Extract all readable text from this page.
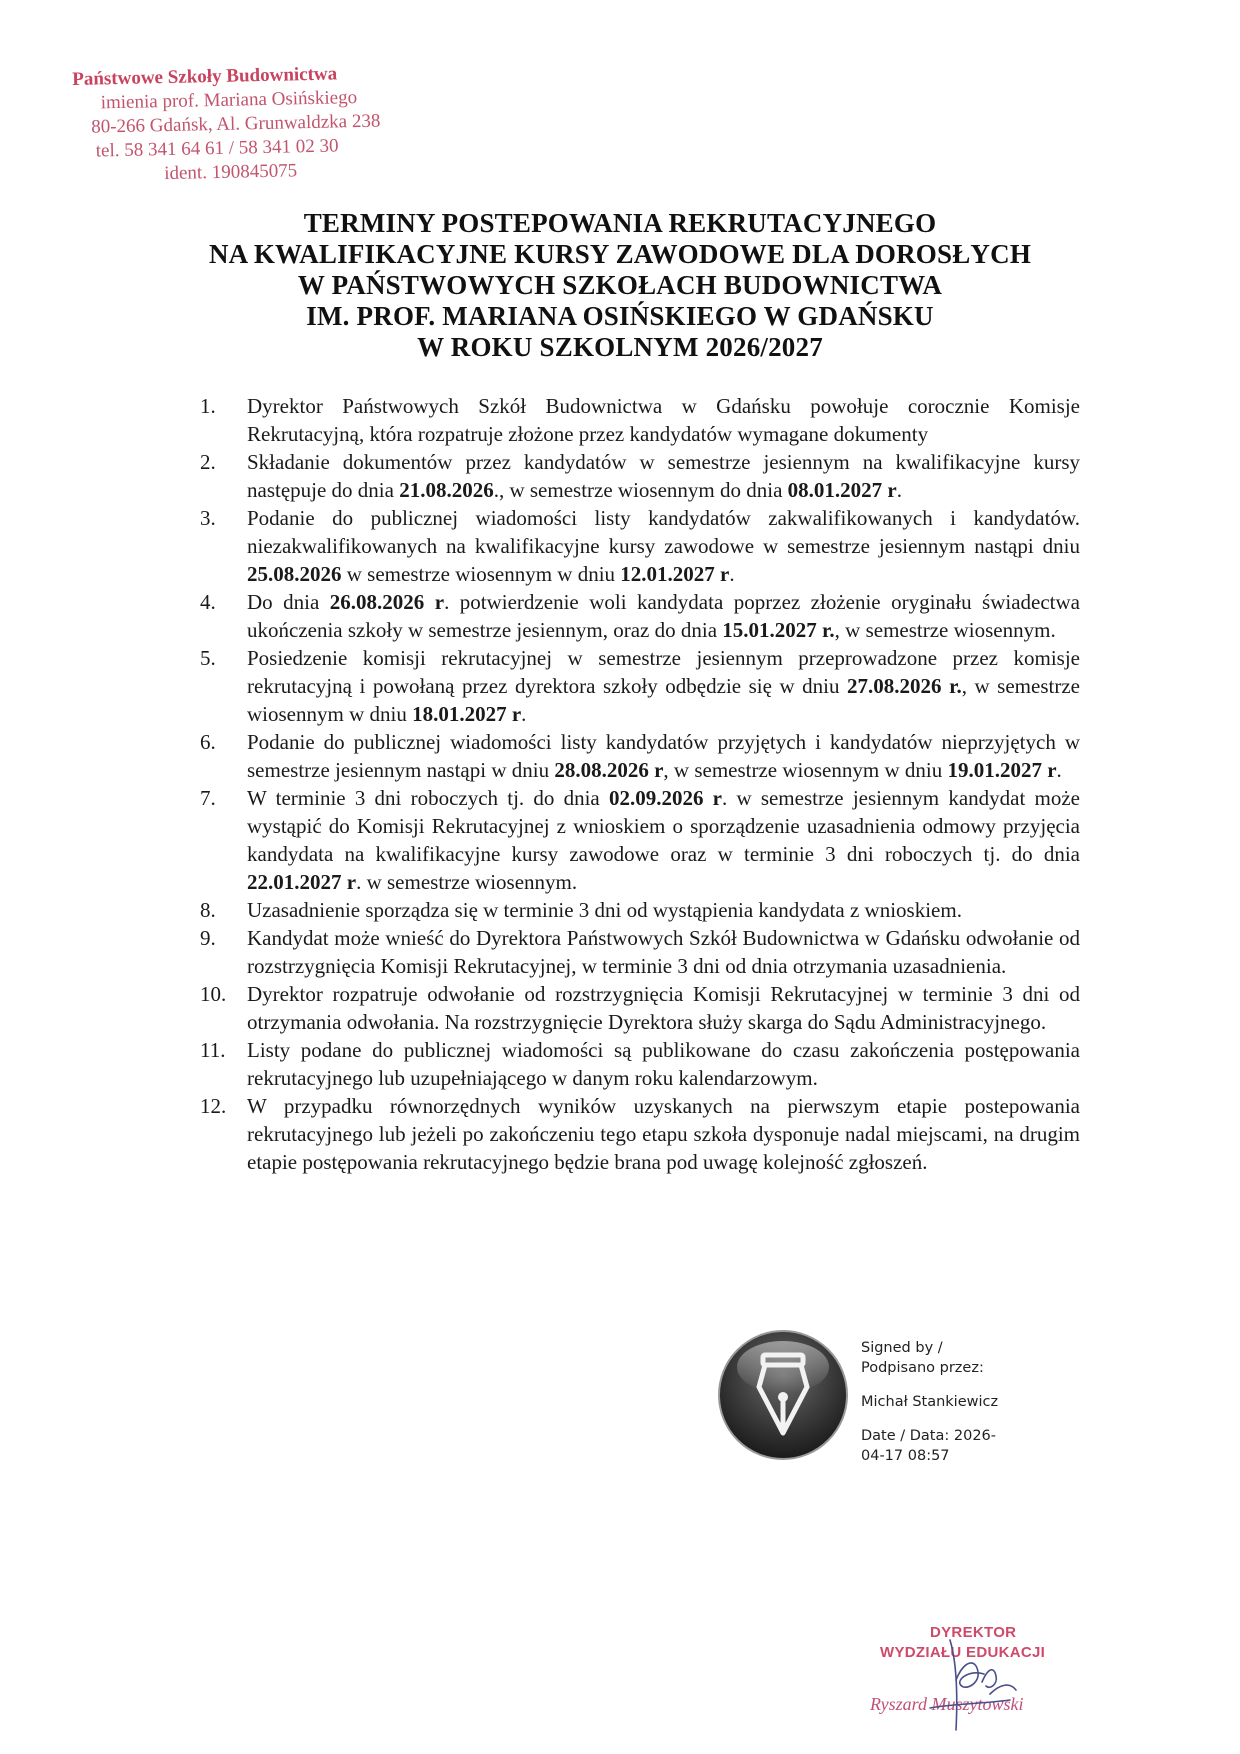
Państwowe Szkoły Budownictwa
imienia prof. Mariana Osińskiego
80-266 Gdańsk, Al. Grunwaldzka 238
tel. 58 341 64 61 / 58 341 02 30
ident. 190845075
TERMINY POSTEPOWANIA REKRUTACYJNEGO
NA KWALIFIKACYJNE KURSY ZAWODOWE DLA DOROSŁYCH
W PAŃSTWOWYCH SZKOŁACH BUDOWNICTWA
IM. PROF. MARIANA OSIŃSKIEGO W GDAŃSKU
W ROKU SZKOLNYM 2026/2027
1.	Dyrektor Państwowych Szkół Budownictwa w Gdańsku powołuje corocznie Komisje Rekrutacyjną, która rozpatruje złożone przez kandydatów wymagane dokumenty
2.	Składanie dokumentów przez kandydatów w semestrze jesiennym na kwalifikacyjne kursy następuje do dnia 21.08.2026., w semestrze wiosennym do dnia 08.01.2027 r.
3.	Podanie do publicznej wiadomości listy kandydatów zakwalifikowanych i kandydatów. niezakwalifikowanych na kwalifikacyjne kursy zawodowe w semestrze jesiennym nastąpi dniu 25.08.2026 w semestrze wiosennym w dniu 12.01.2027 r.
4.	Do dnia 26.08.2026 r. potwierdzenie woli kandydata poprzez złożenie oryginału świadectwa ukończenia szkoły w semestrze jesiennym, oraz do dnia 15.01.2027 r., w semestrze wiosennym.
5.	Posiedzenie komisji rekrutacyjnej w semestrze jesiennym przeprowadzone przez komisje rekrutacyjną i powołaną przez dyrektora szkoły odbędzie się w dniu 27.08.2026 r., w semestrze wiosennym w dniu 18.01.2027 r.
6.	Podanie do publicznej wiadomości listy kandydatów przyjętych i kandydatów nieprzyjętych w semestrze jesiennym nastąpi w dniu 28.08.2026 r, w semestrze wiosennym w dniu 19.01.2027 r.
7.	W terminie 3 dni roboczych tj. do dnia 02.09.2026 r. w semestrze jesiennym kandydat może wystąpić do Komisji Rekrutacyjnej z wnioskiem o sporządzenie uzasadnienia odmowy przyjęcia kandydata na kwalifikacyjne kursy zawodowe oraz w terminie 3 dni roboczych tj. do dnia 22.01.2027 r. w semestrze wiosennym.
8.	Uzasadnienie sporządza się w terminie 3 dni od wystąpienia kandydata z wnioskiem.
9.	Kandydat może wnieść do Dyrektora Państwowych Szkół Budownictwa w Gdańsku odwołanie od rozstrzygnięcia Komisji Rekrutacyjnej, w terminie 3 dni od dnia otrzymania uzasadnienia.
10. Dyrektor rozpatruje odwołanie od rozstrzygnięcia Komisji Rekrutacyjnej w terminie 3 dni od otrzymania odwołania. Na rozstrzygnięcie Dyrektora służy skarga do Sądu Administracyjnego.
11.	Listy podane do publicznej wiadomości są publikowane do czasu zakończenia postępowania rekrutacyjnego lub uzupełniającego w danym roku kalendarzowym.
12. W przypadku równorzędnych wyników uzyskanych na pierwszym etapie postepowania rekrutacyjnego lub jeżeli po zakończeniu tego etapu szkoła dysponuje nadal miejscami, na drugim etapie postępowania rekrutacyjnego będzie brana pod uwagę kolejność zgłoszeń.
Signed by /
Podpisano przez:
Michał Stankiewicz
Date / Data: 2026-
04-17 08:57
DYREKTOR
WYDZIAŁU EDUKACJI
Ryszard Muszytowski
